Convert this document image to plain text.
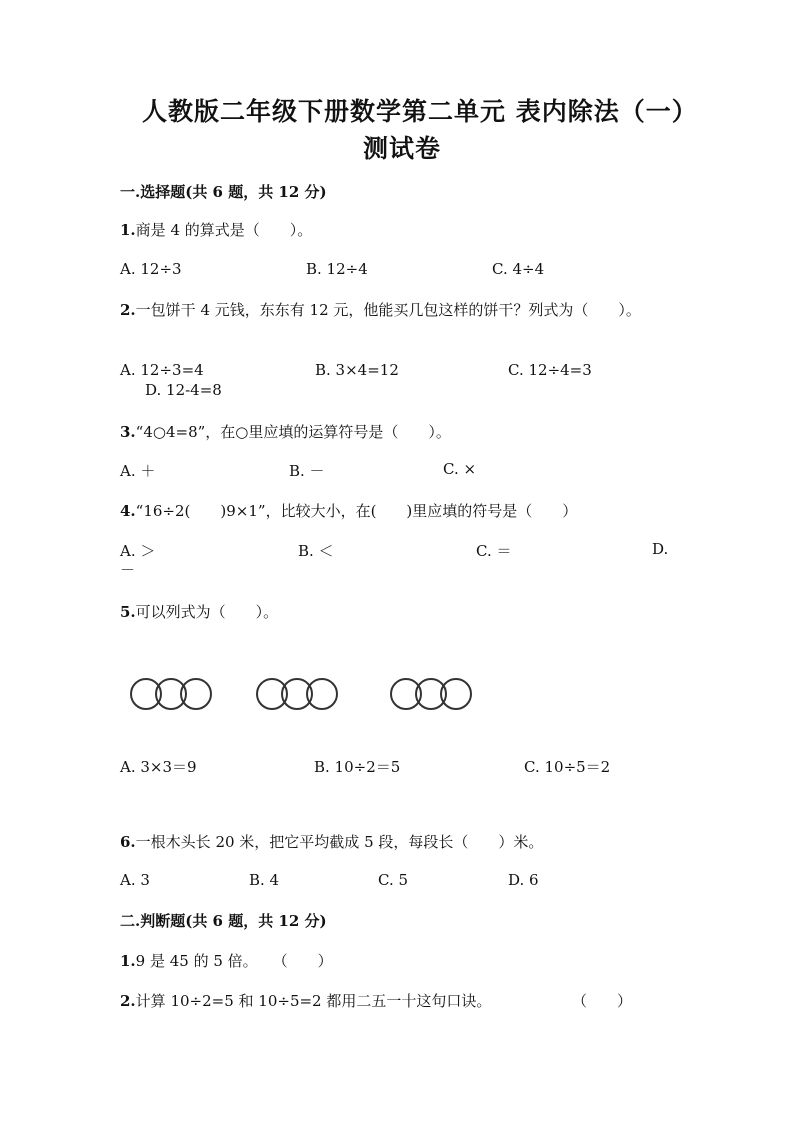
人教版二年级下册数学第二单元 表内除法（一）
测试卷
一.选择题(共 6 题，共 12 分)
1.商是 4 的算式是（　　）。
A. 12÷3	B. 12÷4	C. 4÷4
2.一包饼干 4 元钱，东东有 12 元，他能买几包这样的饼干？列式为（　　）。
A. 12÷3=4	B. 3×4=12	C. 12÷4=3
D. 12-4=8
3.“4○4=8”，在○里应填的运算符号是（　　）。
A. ＋	B. －	C. ×
4.“16÷2(　　)9×1”，比较大小，在(　　)里应填的符号是（　　）
A. ＞	B. ＜	C. ＝	D.
－
5.可以列式为（　　）。
A. 3×3＝9	B. 10÷2＝5	C. 10÷5＝2
6.一根木头长 20 米，把它平均截成 5 段，每段长（　　）米。
A. 3	B. 4	C. 5	D. 6
二.判断题(共 6 题，共 12 分)
1.9 是 45 的 5 倍。　　（　　）
2.计算 10÷2=5 和 10÷5=2 都用二五一十这句口诀。	（　　）
